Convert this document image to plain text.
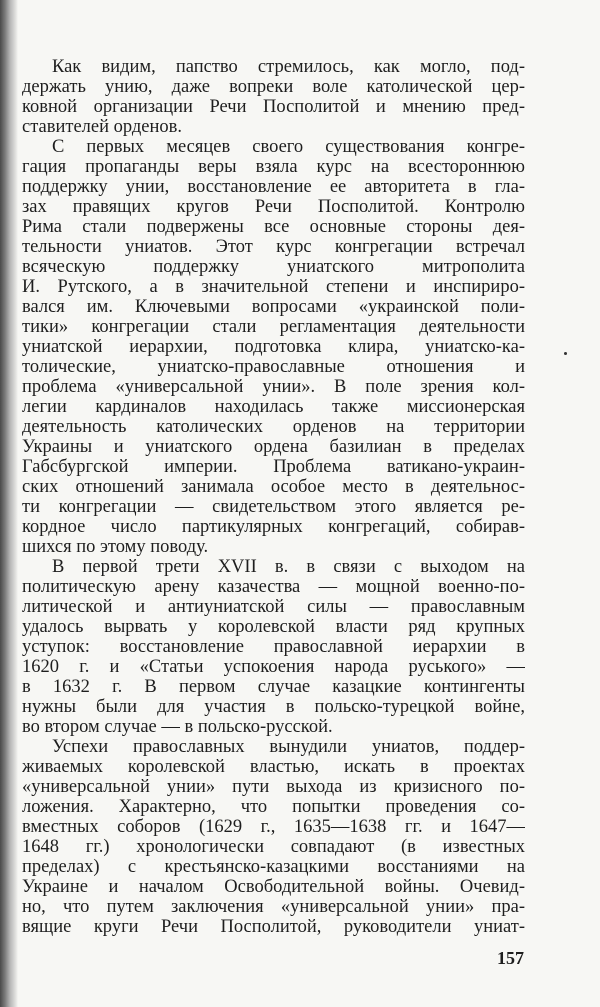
Как видим, папство стремилось, как могло, под-
держать унию, даже вопреки воле католической цер-
ковной организации Речи Посполитой и мнению пред-
ставителей орденов.
С первых месяцев своего существования конгре-
гация пропаганды веры взяла курс на всестороннюю
поддержку унии, восстановление ее авторитета в гла-
зах правящих кругов Речи Посполитой. Контролю
Рима стали подвержены все основные стороны дея-
тельности униатов. Этот курс конгрегации встречал
всяческую поддержку униатского митрополита
И. Рутского, а в значительной степени и инспириро-
вался им. Ключевыми вопросами «украинской поли-
тики» конгрегации стали регламентация деятельности
униатской иерархии, подготовка клира, униатско-ка-
толические, униатско-православные отношения и
проблема «универсальной унии». В поле зрения кол-
легии кардиналов находилась также миссионерская
деятельность католических орденов на территории
Украины и униатского ордена базилиан в пределах
Габсбургской империи. Проблема ватикано-украин-
ских отношений занимала особое место в деятельнос-
ти конгрегации — свидетельством этого является ре-
кордное число партикулярных конгрегаций, собирав-
шихся по этому поводу.
В первой трети XVII в. в связи с выходом на
политическую арену казачества — мощной военно-по-
литической и антиуниатской силы — православным
удалось вырвать у королевской власти ряд крупных
уступок: восстановление православной иерархии в
1620 г. и «Статьи успокоения народа руського» —
в 1632 г. В первом случае казацкие контингенты
нужны были для участия в польско-турецкой войне,
во втором случае — в польско-русской.
Успехи православных вынудили униатов, поддер-
живаемых королевской властью, искать в проектах
«универсальной унии» пути выхода из кризисного по-
ложения. Характерно, что попытки проведения со-
вместных соборов (1629 г., 1635—1638 гг. и 1647—
1648 гг.) хронологически совпадают (в известных
пределах) с крестьянско-казацкими восстаниями на
Украине и началом Освободительной войны. Очевид-
но, что путем заключения «универсальной унии» пра-
вящие круги Речи Посполитой, руководители униат-
157
